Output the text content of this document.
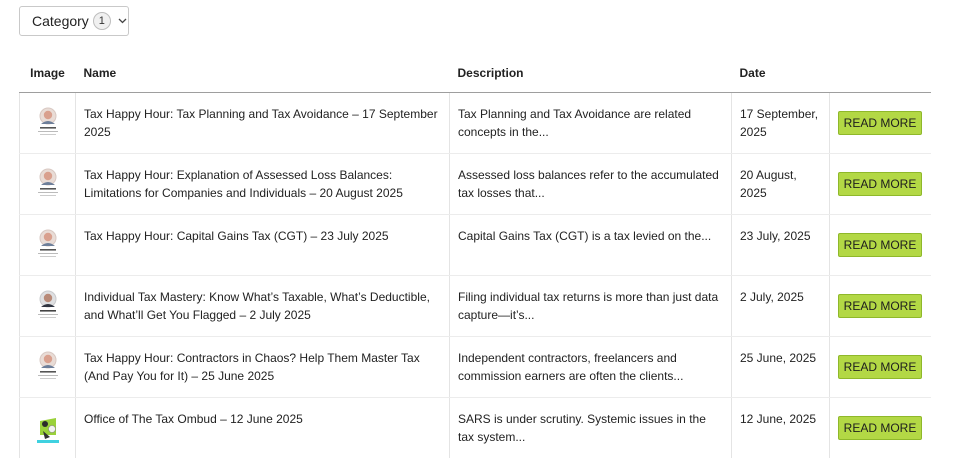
Category 1
Image	Name	Description	Date	

	Tax Happy Hour: Tax Planning and Tax Avoidance – 17 September 2025	Tax Planning and Tax Avoidance are related concepts in the...	17 September, 2025	READ MORE

	Tax Happy Hour: Explanation of Assessed Loss Balances: Limitations for Companies and Individuals – 20 August 2025	Assessed loss balances refer to the accumulated tax losses that...	20 August, 2025	READ MORE

	Tax Happy Hour: Capital Gains Tax (CGT) – 23 July 2025	Capital Gains Tax (CGT) is a tax levied on the...	23 July, 2025	READ MORE

	Individual Tax Mastery: Know What’s Taxable, What’s Deductible, and What’ll Get You Flagged – 2 July 2025	Filing individual tax returns is more than just data capture—it’s...	2 July, 2025	READ MORE

	Tax Happy Hour: Contractors in Chaos? Help Them Master Tax (And Pay You for It) – 25 June 2025	Independent contractors, freelancers and commission earners are often the clients...	25 June, 2025	READ MORE

	Office of The Tax Ombud – 12 June 2025	SARS is under scrutiny. Systemic issues in the tax system...	12 June, 2025	READ MORE
